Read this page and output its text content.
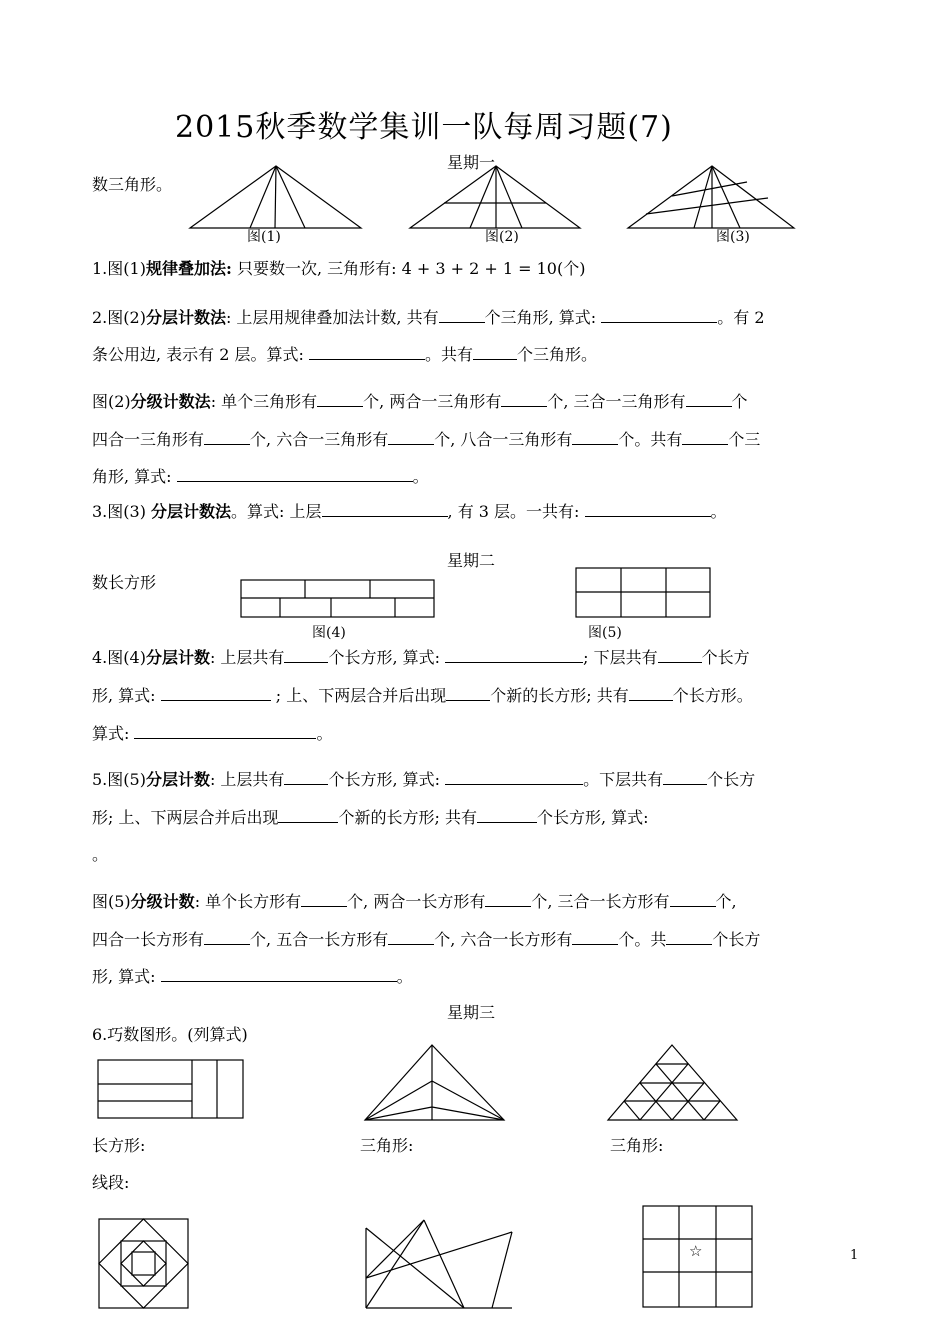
2015秋季数学集训一队每周习题(7)
星期一
数三角形。
图(1)	图(2)	图(3)
1.图(1)规律叠加法: 只要数一次, 三角形有: 4 + 3 + 2 + 1 = 10(个)
2.图(2)分层计数法: 上层用规律叠加法计数, 共有	个三角形, 算式:	。有 2
条公用边, 表示有 2 层。算式:	。共有	个三角形。
图(2)分级计数法: 单个三角形有	个, 两合一三角形有	个, 三合一三角形有	个
四合一三角形有	个, 六合一三角形有	个, 八合一三角形有	个。共有	个三
角形, 算式:	。
3.图(3) 分层计数法。算式: 上层	, 有 3 层。一共有:	。
星期二
数长方形
图(4)	图(5)
4.图(4)分层计数: 上层共有	个长方形, 算式:	; 下层共有	个长方
形, 算式:	; 上、下两层合并后出现	个新的长方形; 共有	个长方形。
算式:	。
5.图(5)分层计数: 上层共有	个长方形, 算式:	。下层共有	个长方
形; 上、下两层合并后出现	个新的长方形; 共有	个长方形, 算式:
。
图(5)分级计数: 单个长方形有	个, 两合一长方形有	个, 三合一长方形有	个,
四合一长方形有	个, 五合一长方形有	个, 六合一长方形有	个。共	个长方
形, 算式:	。
星期三
6.巧数图形。(列算式)
长方形:	三角形:	三角形:
线段:
☆	1
